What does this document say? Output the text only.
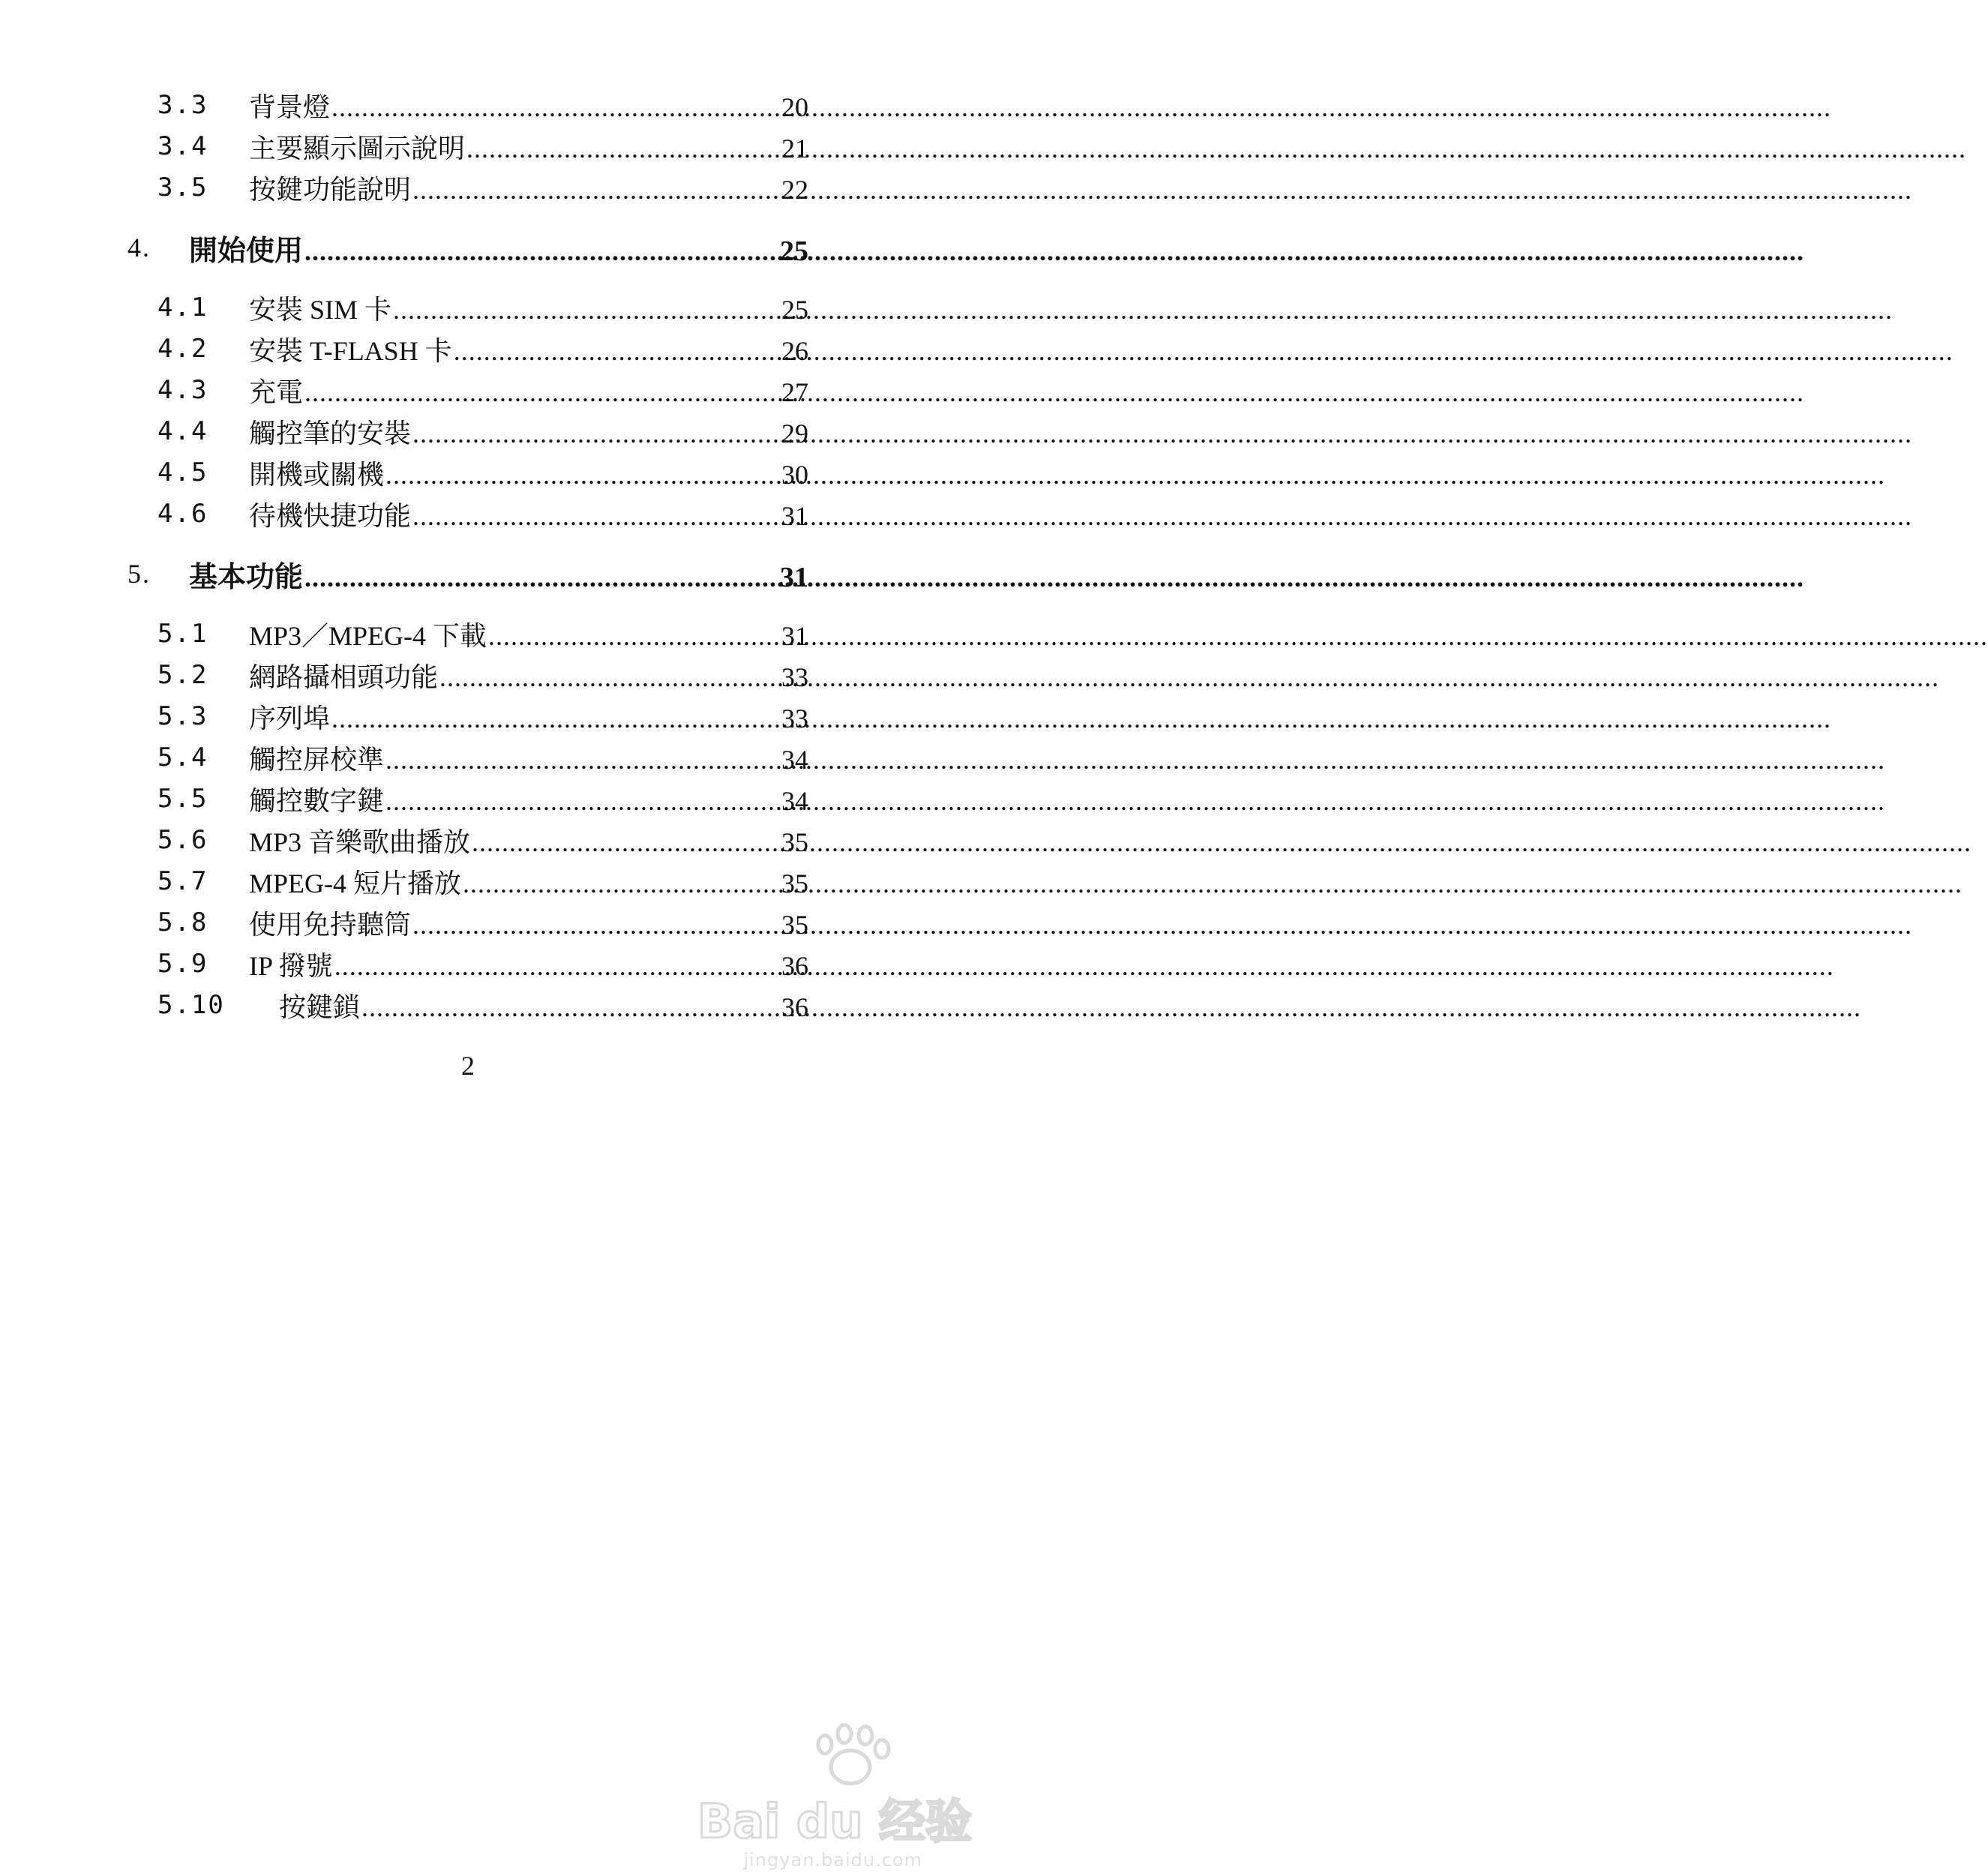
3.3 背景燈 .....	20
3.4 主要顯示圖示說明 .....	21
3.5 按鍵功能說明 .....	22
4. 開始使用 .....	25
4.1 安裝 SIM 卡 .....	25
4.2 安裝 T-FLASH 卡 .....	26
4.3 充電 .....	27
4.4 觸控筆的安裝 .....	29
4.5 開機或關機 .....	30
4.6 待機快捷功能 .....	31
5. 基本功能 .....	31
5.1 MP3／MPEG-4 下載 .....	31
5.2 網路攝相頭功能 .....	33
5.3 序列埠 .....	33
5.4 觸控屏校準 .....	34
5.5 觸控數字鍵 .....	34
5.6 MP3 音樂歌曲播放 .....	35
5.7 MPEG-4 短片播放 .....	35
5.8 使用免持聽筒 .....	35
5.9 IP 撥號 .....	36
5.10 按鍵鎖 .....	36
2
Bai du 经验
jingyan.baidu.com
